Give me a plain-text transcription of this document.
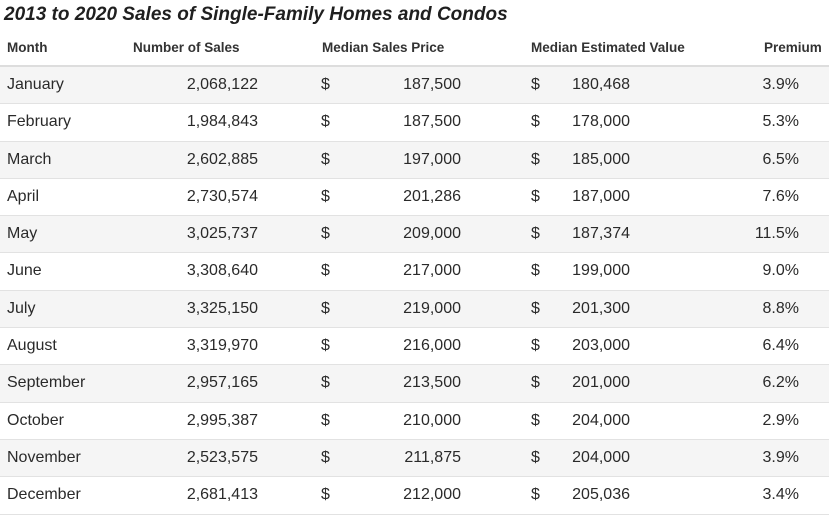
2013 to 2020 Sales of Single-Family Homes and Condos
Month	Number of Sales	Median Sales Price	Median Estimated Value	Premium
January	2,068,122	$	187,500	$ 180,468	3.9%
February	1,984,843	$	187,500	$ 178,000	5.3%
March	2,602,885	$	197,000	$ 185,000	6.5%
April	2,730,574	$	201,286	$ 187,000	7.6%
May	3,025,737	$	209,000	$ 187,374	11.5%
June	3,308,640	$	217,000	$ 199,000	9.0%
July	3,325,150	$	219,000	$ 201,300	8.8%
August	3,319,970	$	216,000	$ 203,000	6.4%
September	2,957,165	$	213,500	$ 201,000	6.2%
October	2,995,387	$	210,000	$ 204,000	2.9%
November	2,523,575	$	211,875	$ 204,000	3.9%
December	2,681,413	$	212,000	$ 205,036	3.4%
